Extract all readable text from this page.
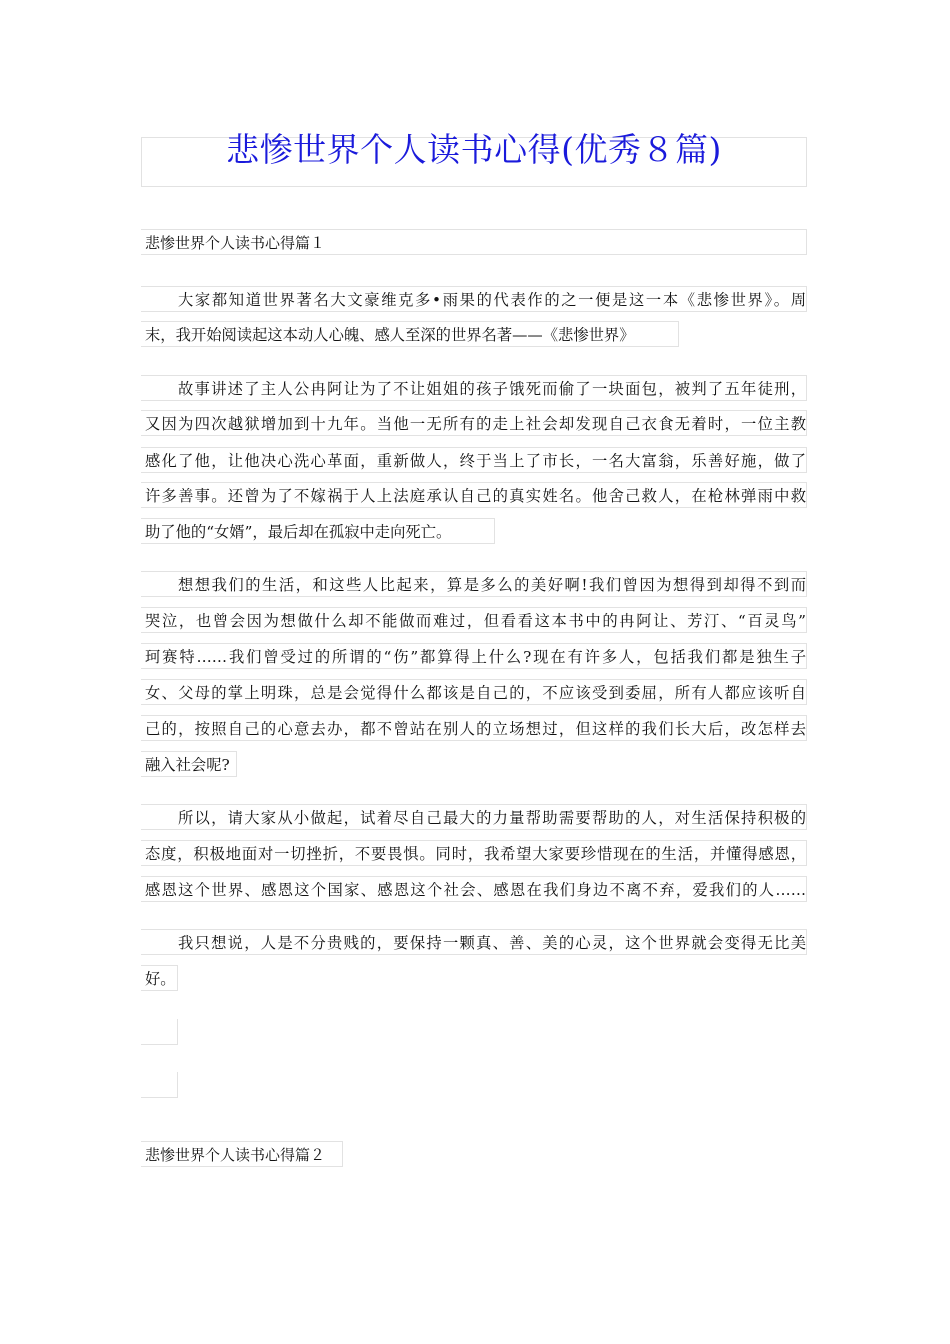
悲惨世界个人读书心得(优秀８篇)
悲惨世界个人读书心得篇１
大家都知道世界著名大文豪维克多•雨果的代表作的之一便是这一本《悲惨世界》。周
末，我开始阅读起这本动人心魄、感人至深的世界名著——《悲惨世界》
故事讲述了主人公冉阿让为了不让姐姐的孩子饿死而偷了一块面包，被判了五年徒刑，
又因为四次越狱增加到十九年。当他一无所有的走上社会却发现自己衣食无着时，一位主教
感化了他，让他决心洗心革面，重新做人，终于当上了市长，一名大富翁，乐善好施，做了
许多善事。还曾为了不嫁祸于人上法庭承认自己的真实姓名。他舍己救人，在枪林弹雨中救
助了他的“女婿”，最后却在孤寂中走向死亡。
想想我们的生活，和这些人比起来，算是多么的美好啊!我们曾因为想得到却得不到而
哭泣，也曾会因为想做什么却不能做而难过，但看看这本书中的冉阿让、芳汀、“百灵鸟”
珂赛特……我们曾受过的所谓的“伤”都算得上什么?现在有许多人，包括我们都是独生子
女、父母的掌上明珠，总是会觉得什么都该是自己的，不应该受到委屈，所有人都应该听自
己的，按照自己的心意去办，都不曾站在别人的立场想过，但这样的我们长大后，改怎样去
融入社会呢?
所以，请大家从小做起，试着尽自己最大的力量帮助需要帮助的人，对生活保持积极的
态度，积极地面对一切挫折，不要畏惧。同时，我希望大家要珍惜现在的生活，并懂得感恩，
感恩这个世界、感恩这个国家、感恩这个社会、感恩在我们身边不离不弃，爱我们的人……
我只想说，人是不分贵贱的，要保持一颗真、善、美的心灵，这个世界就会变得无比美
好。
悲惨世界个人读书心得篇２
